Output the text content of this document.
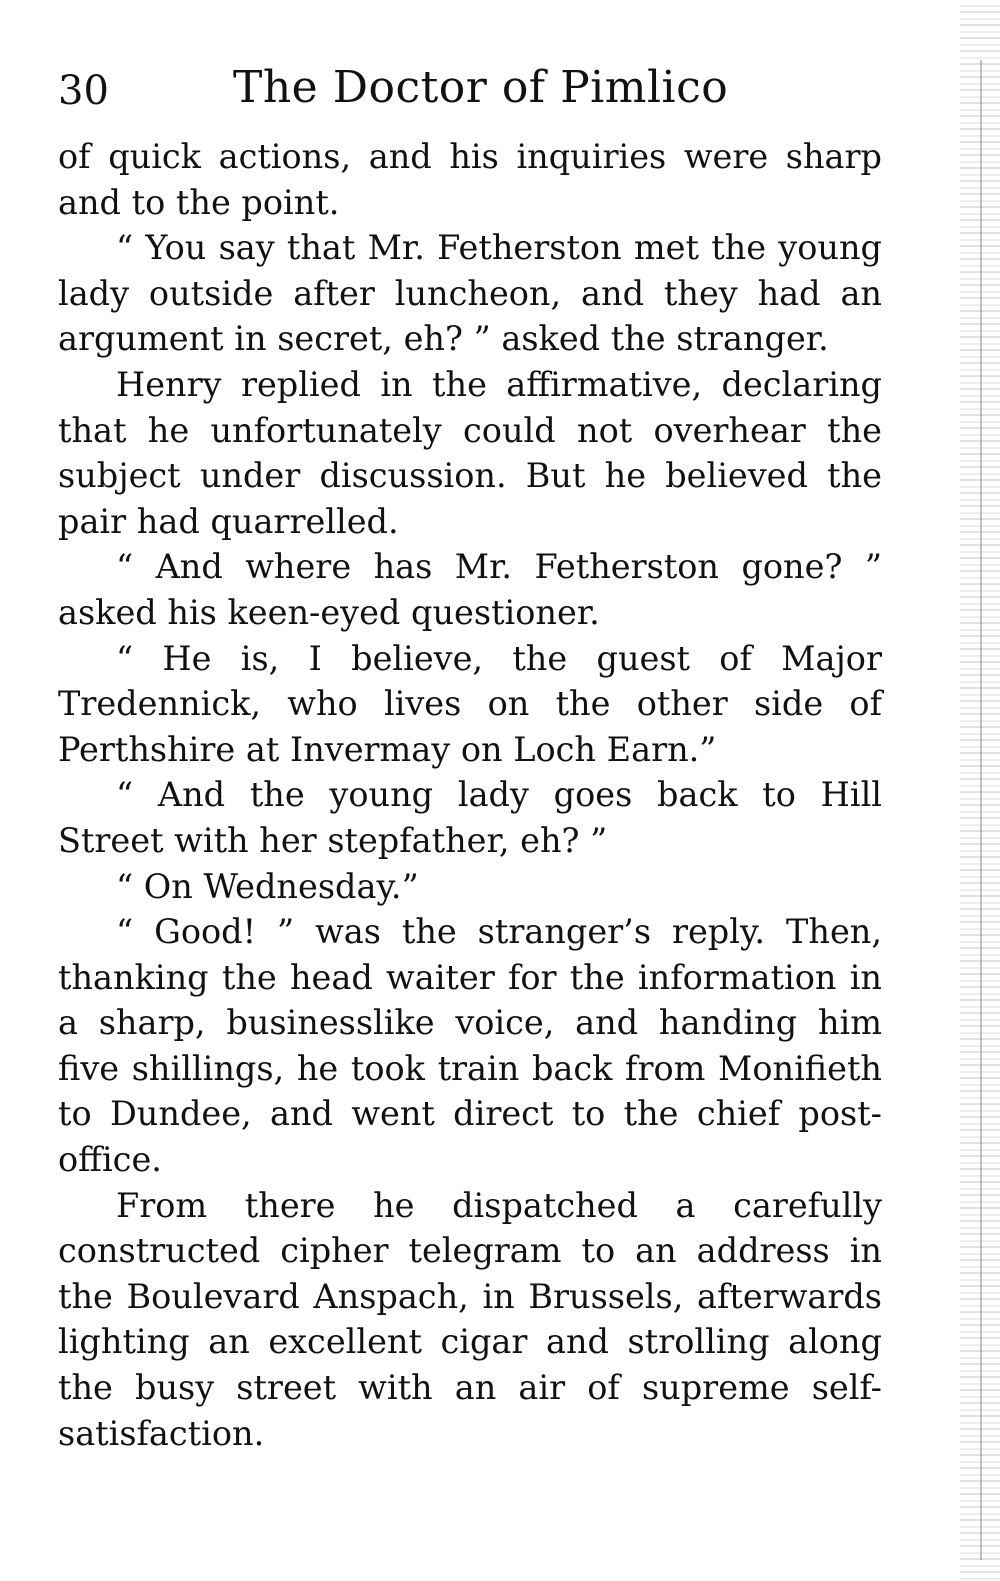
30	The Doctor of Pimlico

of quick actions, and his inquiries were sharp and to the point.

“ You say that Mr. Fetherston met the young lady outside after luncheon, and they had an argument in secret, eh? ” asked the stranger.

Henry replied in the affirmative, declaring that he unfortunately could not overhear the subject under discussion. But he believed the pair had quarrelled.

“ And where has Mr. Fetherston gone? ” asked his keen-eyed questioner.

“ He is, I believe, the guest of Major Tredennick, who lives on the other side of Perthshire at Invermay on Loch Earn.”

“ And the young lady goes back to Hill Street with her stepfather, eh? ”

“ On Wednesday.”

“ Good! ” was the stranger’s reply. Then, thanking the head waiter for the information in a sharp, businesslike voice, and handing him five shillings, he took train back from Monifieth to Dundee, and went direct to the chief post-office.

From there he dispatched a carefully constructed cipher telegram to an address in the Boulevard Anspach, in Brussels, afterwards lighting an excellent cigar and strolling along the busy street with an air of supreme self-satisfaction.
